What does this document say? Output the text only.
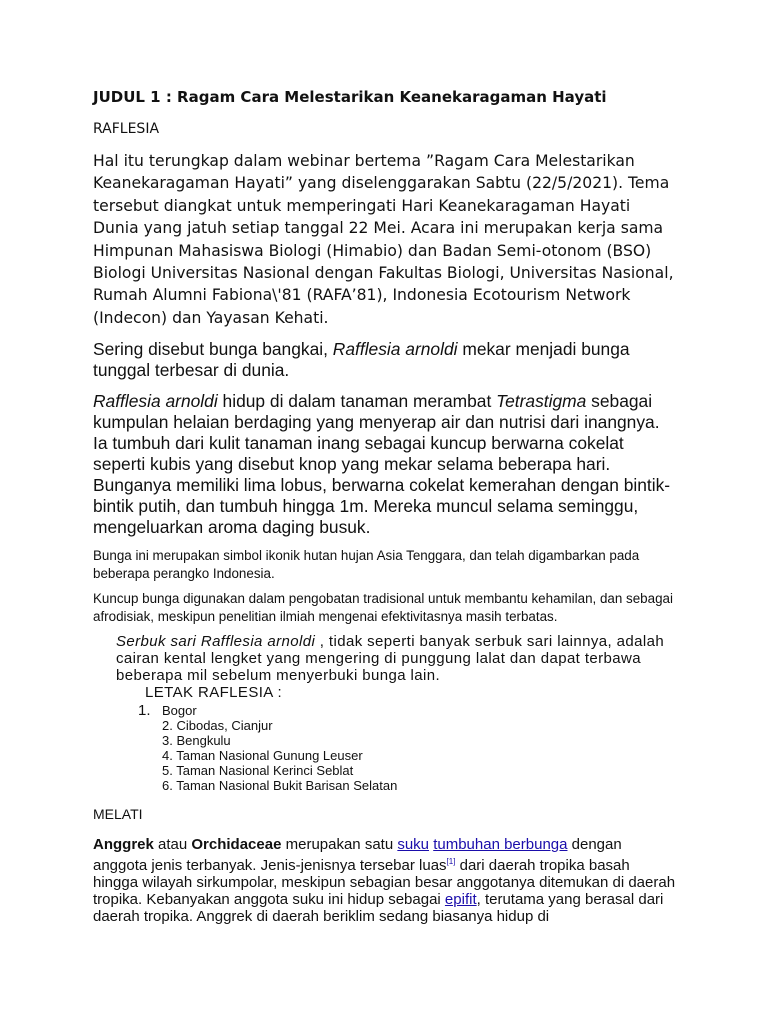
JUDUL 1 : Ragam Cara Melestarikan Keanekaragaman Hayati
RAFLESIA
Hal itu terungkap dalam webinar bertema ”Ragam Cara Melestarikan Keanekaragaman Hayati” yang diselenggarakan Sabtu (22/5/2021). Tema tersebut diangkat untuk memperingati Hari Keanekaragaman Hayati Dunia yang jatuh setiap tanggal 22 Mei. Acara ini merupakan kerja sama Himpunan Mahasiswa Biologi (Himabio) dan Badan Semi-otonom (BSO) Biologi Universitas Nasional dengan Fakultas Biologi, Universitas Nasional, Rumah Alumni Fabiona\'81 (RAFA’81), Indonesia Ecotourism Network (Indecon) dan Yayasan Kehati.
Sering disebut bunga bangkai, Rafflesia arnoldi mekar menjadi bunga tunggal terbesar di dunia.
Rafflesia arnoldi hidup di dalam tanaman merambat Tetrastigma sebagai kumpulan helaian berdaging yang menyerap air dan nutrisi dari inangnya. Ia tumbuh dari kulit tanaman inang sebagai kuncup berwarna cokelat seperti kubis yang disebut knop yang mekar selama beberapa hari. Bunganya memiliki lima lobus, berwarna cokelat kemerahan dengan bintik-bintik putih, dan tumbuh hingga 1m. Mereka muncul selama seminggu, mengeluarkan aroma daging busuk.
Bunga ini merupakan simbol ikonik hutan hujan Asia Tenggara, dan telah digambarkan pada beberapa perangko Indonesia.
Kuncup bunga digunakan dalam pengobatan tradisional untuk membantu kehamilan, dan sebagai afrodisiak, meskipun penelitian ilmiah mengenai efektivitasnya masih terbatas.
Serbuk sari Rafflesia arnoldi , tidak seperti banyak serbuk sari lainnya, adalah cairan kental lengket yang mengering di punggung lalat dan dapat terbawa beberapa mil sebelum menyerbuki bunga lain.
LETAK RAFLESIA :
1. Bogor
2. Cibodas, Cianjur
3. Bengkulu
4. Taman Nasional Gunung Leuser
5. Taman Nasional Kerinci Seblat
6. Taman Nasional Bukit Barisan Selatan
MELATI
Anggrek atau Orchidaceae merupakan satu suku tumbuhan berbunga dengan anggota jenis terbanyak. Jenis-jenisnya tersebar luas[1] dari daerah tropika basah hingga wilayah sirkumpolar, meskipun sebagian besar anggotanya ditemukan di daerah tropika. Kebanyakan anggota suku ini hidup sebagai epifit, terutama yang berasal dari daerah tropika. Anggrek di daerah beriklim sedang biasanya hidup di
